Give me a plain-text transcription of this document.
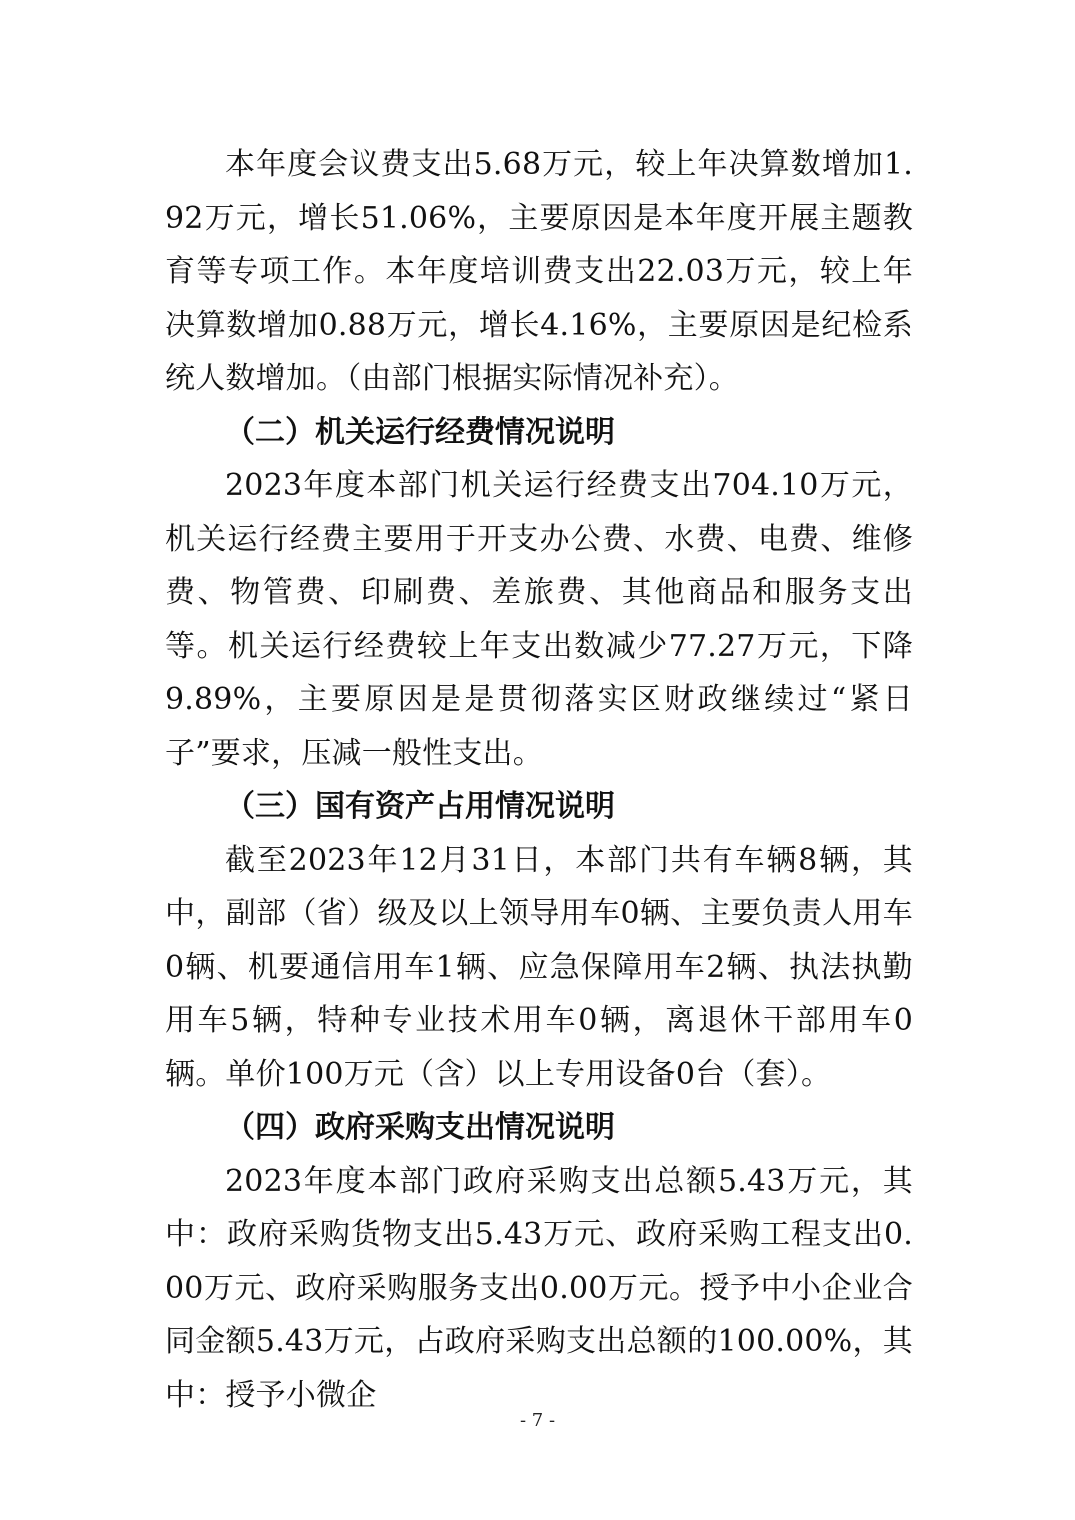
本年度会议费支出5.68万元，较上年决算数增加1.92万元，增长51.06%，主要原因是本年度开展主题教育等专项工作。本年度培训费支出22.03万元，较上年决算数增加0.88万元，增长4.16%，主要原因是纪检系统人数增加。（由部门根据实际情况补充）。

（二）机关运行经费情况说明

2023年度本部门机关运行经费支出704.10万元，机关运行经费主要用于开支办公费、水费、电费、维修费、物管费、印刷费、差旅费、其他商品和服务支出等。机关运行经费较上年支出数减少77.27万元，下降9.89%，主要原因是是贯彻落实区财政继续过“紧日子”要求，压减一般性支出。

（三）国有资产占用情况说明

截至2023年12月31日，本部门共有车辆8辆，其中，副部（省）级及以上领导用车0辆、主要负责人用车0辆、机要通信用车1辆、应急保障用车2辆、执法执勤用车5辆，特种专业技术用车0辆，离退休干部用车0辆。单价100万元（含）以上专用设备0台（套）。

（四）政府采购支出情况说明

2023年度本部门政府采购支出总额5.43万元，其中：政府采购货物支出5.43万元、政府采购工程支出0.00万元、政府采购服务支出0.00万元。授予中小企业合同金额5.43万元，占政府采购支出总额的100.00%，其中：授予小微企

- 7 -
